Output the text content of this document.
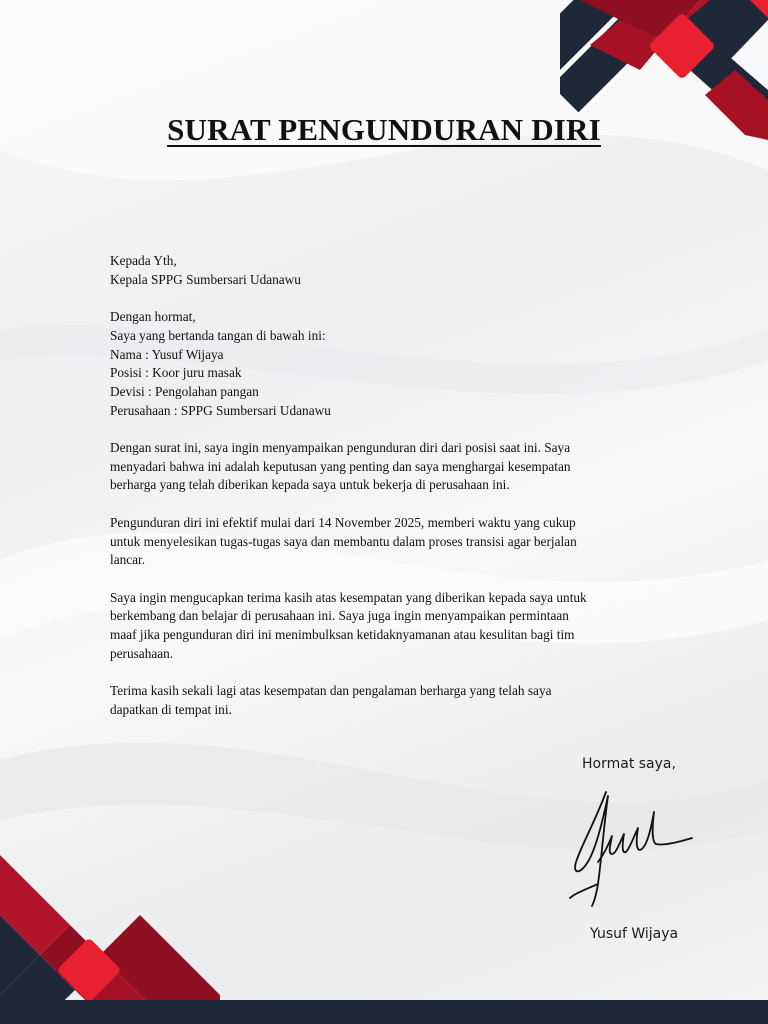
SURAT PENGUNDURAN DIRI

Kepada Yth,

Kepala SPPG Sumbersari Udanawu

Dengan hormat,

Saya yang bertanda tangan di bawah ini:

Nama : Yusuf Wijaya

Posisi : Koor juru masak

Devisi : Pengolahan pangan

Perusahaan : SPPG Sumbersari Udanawu

Dengan surat ini, saya ingin menyampaikan pengunduran diri dari posisi saat ini. Saya

menyadari bahwa ini adalah keputusan yang penting dan saya menghargai kesempatan

berharga yang telah diberikan kepada saya untuk bekerja di perusahaan ini.

Pengunduran diri ini efektif mulai dari 14 November 2025, memberi waktu yang cukup

untuk menyelesikan tugas-tugas saya dan membantu dalam proses transisi agar berjalan

lancar.

Saya ingin mengucapkan terima kasih atas kesempatan yang diberikan kepada saya untuk

berkembang dan belajar di perusahaan ini. Saya juga ingin menyampaikan permintaan

maaf jika pengunduran diri ini menimbulksan ketidaknyamanan atau kesulitan bagi tim

perusahaan.

Terima kasih sekali lagi atas kesempatan dan pengalaman berharga yang telah saya

dapatkan di tempat ini.

Hormat saya,
Yusuf Wijaya
